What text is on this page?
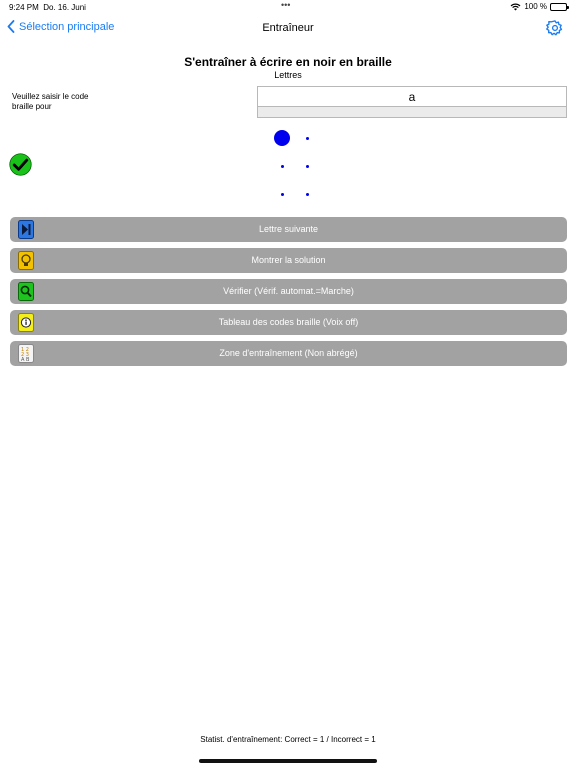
9:24 PM Do. 16. Juni	•••	100 %
Sélection principale	Entraîneur
S'entraîner à écrire en noir en braille
Lettres
Veuillez saisir le code braille pour
a
Lettre suivante
Montrer la solution
Vérifier (Vérif. automat.=Marche)
Tableau des codes braille (Voix off)
1 2
2 3
A B
Zone d'entraînement (Non abrégé)
Statist. d'entraînement: Correct = 1 / Incorrect = 1
